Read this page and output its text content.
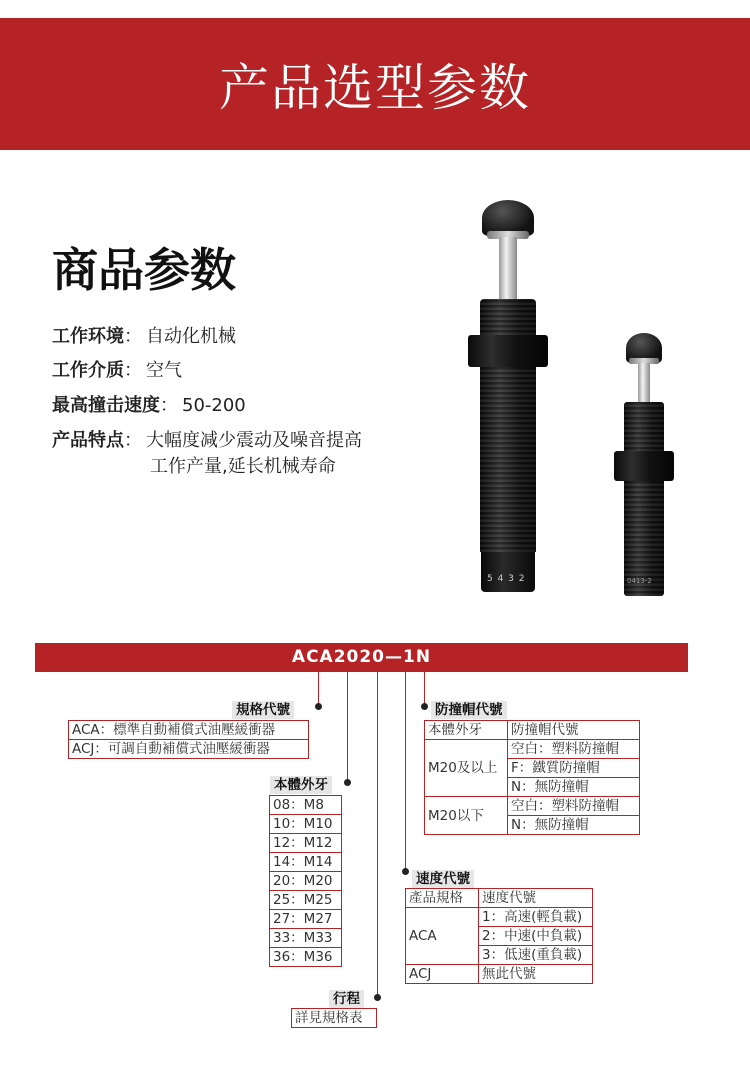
产品选型参数
商品参数
工作环境： 自动化机械
工作介质： 空气
最高撞击速度： 50-200
产品特点： 大幅度减少震动及噪音提高
工作产量,延长机械寿命
5 4 3 2	0413-2
ACA2020—1N
規格代號
ACA：標準自動補償式油壓緩衝器
ACJ：可調自動補償式油壓緩衝器
本體外牙
08：M8
10：M10
12：M12
14：M14
20：M20
25：M25
27：M27
33：M33
36：M36
行程
詳見規格表
防撞帽代號
本體外牙	防撞帽代號
M20及以上	空白：塑料防撞帽
	F：鐵質防撞帽
	N：無防撞帽
M20以下	空白：塑料防撞帽
	N：無防撞帽
速度代號
產品規格	速度代號
ACA	1：高速(輕負載)
	2：中速(中負載)
	3：低速(重負載)
ACJ	無此代號
